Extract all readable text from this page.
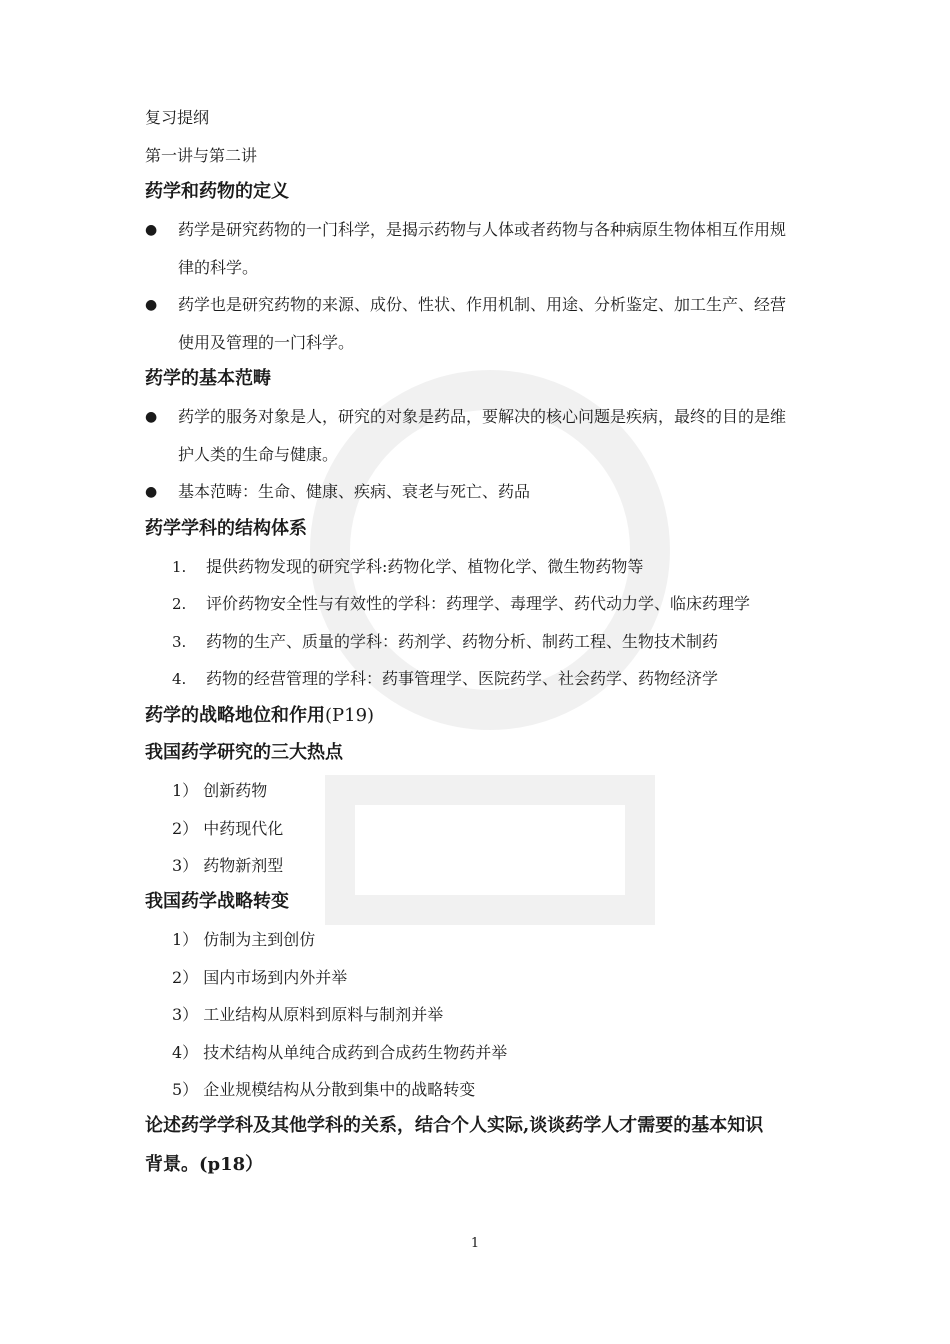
复习提纲
第一讲与第二讲
药学和药物的定义
● 药学是研究药物的一门科学，是揭示药物与人体或者药物与各种病原生物体相互作用规
律的科学。
● 药学也是研究药物的来源、成份、性状、作用机制、用途、分析鉴定、加工生产、经营
使用及管理的一门科学。
药学的基本范畴
● 药学的服务对象是人，研究的对象是药品，要解决的核心问题是疾病，最终的目的是维
护人类的生命与健康。
● 基本范畴：生命、健康、疾病、衰老与死亡、药品
药学学科的结构体系
1. 提供药物发现的研究学科:药物化学、植物化学、微生物药物等
2. 评价药物安全性与有效性的学科：药理学、毒理学、药代动力学、临床药理学
3. 药物的生产、质量的学科：药剂学、药物分析、制药工程、生物技术制药
4. 药物的经营管理的学科：药事管理学、医院药学、社会药学、药物经济学
药学的战略地位和作用(P19)
我国药学研究的三大热点
1） 创新药物
2） 中药现代化
3） 药物新剂型
我国药学战略转变
1） 仿制为主到创仿
2） 国内市场到内外并举
3） 工业结构从原料到原料与制剂并举
4） 技术结构从单纯合成药到合成药生物药并举
5） 企业规模结构从分散到集中的战略转变
论述药学学科及其他学科的关系，结合个人实际,谈谈药学人才需要的基本知识
背景。(p18）
1
